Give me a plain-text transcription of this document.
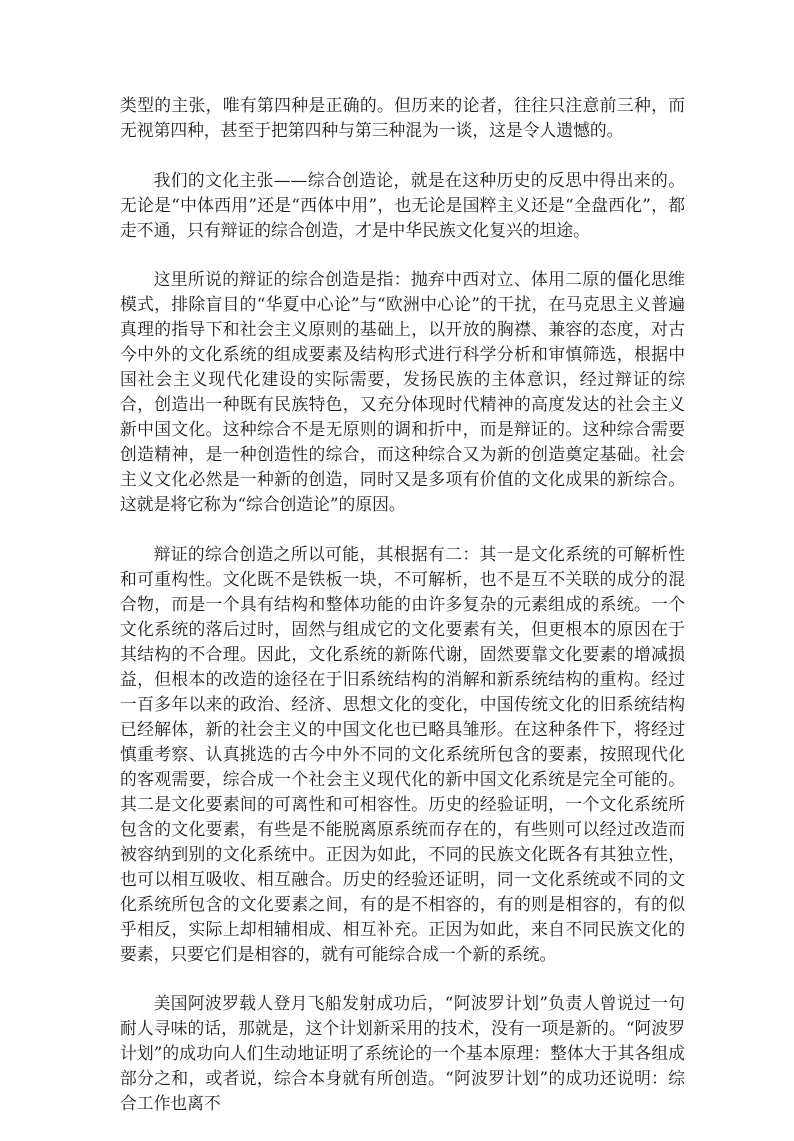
类型的主张，唯有第四种是正确的。但历来的论者，往往只注意前三种，而无视第四种，甚至于把第四种与第三种混为一谈，这是令人遗憾的。

我们的文化主张——综合创造论，就是在这种历史的反思中得出来的。无论是“中体西用”还是“西体中用”，也无论是国粹主义还是“全盘西化”，都走不通，只有辩证的综合创造，才是中华民族文化复兴的坦途。

这里所说的辩证的综合创造是指：抛弃中西对立、体用二原的僵化思维模式，排除盲目的“华夏中心论”与“欧洲中心论”的干扰，在马克思主义普遍真理的指导下和社会主义原则的基础上，以开放的胸襟、兼容的态度，对古今中外的文化系统的组成要素及结构形式进行科学分析和审慎筛选，根据中国社会主义现代化建设的实际需要，发扬民族的主体意识，经过辩证的综合，创造出一种既有民族特色，又充分体现时代精神的高度发达的社会主义新中国文化。这种综合不是无原则的调和折中，而是辩证的。这种综合需要创造精神，是一种创造性的综合，而这种综合又为新的创造奠定基础。社会主义文化必然是一种新的创造，同时又是多项有价值的文化成果的新综合。这就是将它称为“综合创造论”的原因。

辩证的综合创造之所以可能，其根据有二：其一是文化系统的可解析性和可重构性。文化既不是铁板一块，不可解析，也不是互不关联的成分的混合物，而是一个具有结构和整体功能的由许多复杂的元素组成的系统。一个文化系统的落后过时，固然与组成它的文化要素有关，但更根本的原因在于其结构的不合理。因此，文化系统的新陈代谢，固然要靠文化要素的增减损益，但根本的改造的途径在于旧系统结构的消解和新系统结构的重构。经过一百多年以来的政治、经济、思想文化的变化，中国传统文化的旧系统结构已经解体，新的社会主义的中国文化也已略具雏形。在这种条件下，将经过慎重考察、认真挑选的古今中外不同的文化系统所包含的要素，按照现代化的客观需要，综合成一个社会主义现代化的新中国文化系统是完全可能的。其二是文化要素间的可离性和可相容性。历史的经验证明，一个文化系统所包含的文化要素，有些是不能脱离原系统而存在的，有些则可以经过改造而被容纳到别的文化系统中。正因为如此，不同的民族文化既各有其独立性，也可以相互吸收、相互融合。历史的经验还证明，同一文化系统或不同的文化系统所包含的文化要素之间，有的是不相容的，有的则是相容的，有的似乎相反，实际上却相辅相成、相互补充。正因为如此，来自不同民族文化的要素，只要它们是相容的，就有可能综合成一个新的系统。

美国阿波罗载人登月飞船发射成功后，“阿波罗计划”负责人曾说过一句耐人寻味的话，那就是，这个计划新采用的技术，没有一项是新的。“阿波罗计划”的成功向人们生动地证明了系统论的一个基本原理：整体大于其各组成部分之和，或者说，综合本身就有所创造。“阿波罗计划”的成功还说明：综合工作也离不
